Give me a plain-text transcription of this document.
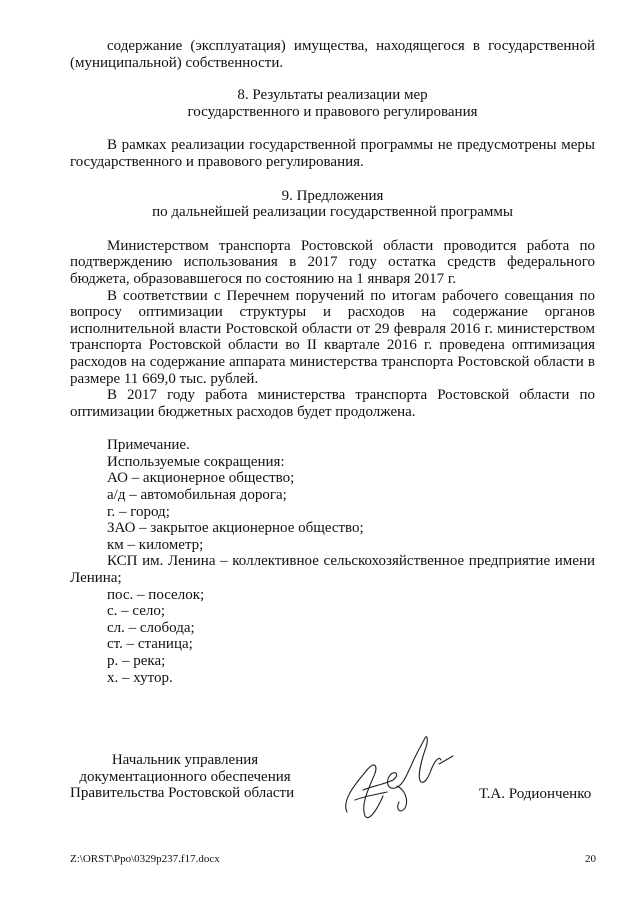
содержание (эксплуатация) имущества, находящегося в государственной (муниципальной) собственности.

8. Результаты реализации мер

государственного и правового регулирования

В рамках реализации государственной программы не предусмотрены меры государственного и правового регулирования.

9. Предложения

по дальнейшей реализации государственной программы

Министерством транспорта Ростовской области проводится работа по подтверждению использования в 2017 году остатка средств федерального бюджета, образовавшегося по состоянию на 1 января 2017 г.

В соответствии с Перечнем поручений по итогам рабочего совещания по вопросу оптимизации структуры и расходов на содержание органов исполнительной власти Ростовской области от 29 февраля 2016 г. министерством транспорта Ростовской области во II квартале 2016 г. проведена оптимизация расходов на содержание аппарата министерства транспорта Ростовской области в размере 11 669,0 тыс. рублей.

В 2017 году работа министерства транспорта Ростовской области по оптимизации бюджетных расходов будет продолжена.

Примечание.

Используемые сокращения:

АО – акционерное общество;

а/д – автомобильная дорога;

г. – город;

ЗАО – закрытое акционерное общество;

км – километр;

КСП им. Ленина – коллективное сельскохозяйственное предприятие имени Ленина;

пос. – поселок;

с. – село;

сл. – слобода;

ст. – станица;

р. – река;

х. – хутор.

Начальник управления
документационного обеспечения
Правительства Ростовской области	Т.А. Родионченко
Z:\ORST\Ppo\0329p237.f17.docx	20
